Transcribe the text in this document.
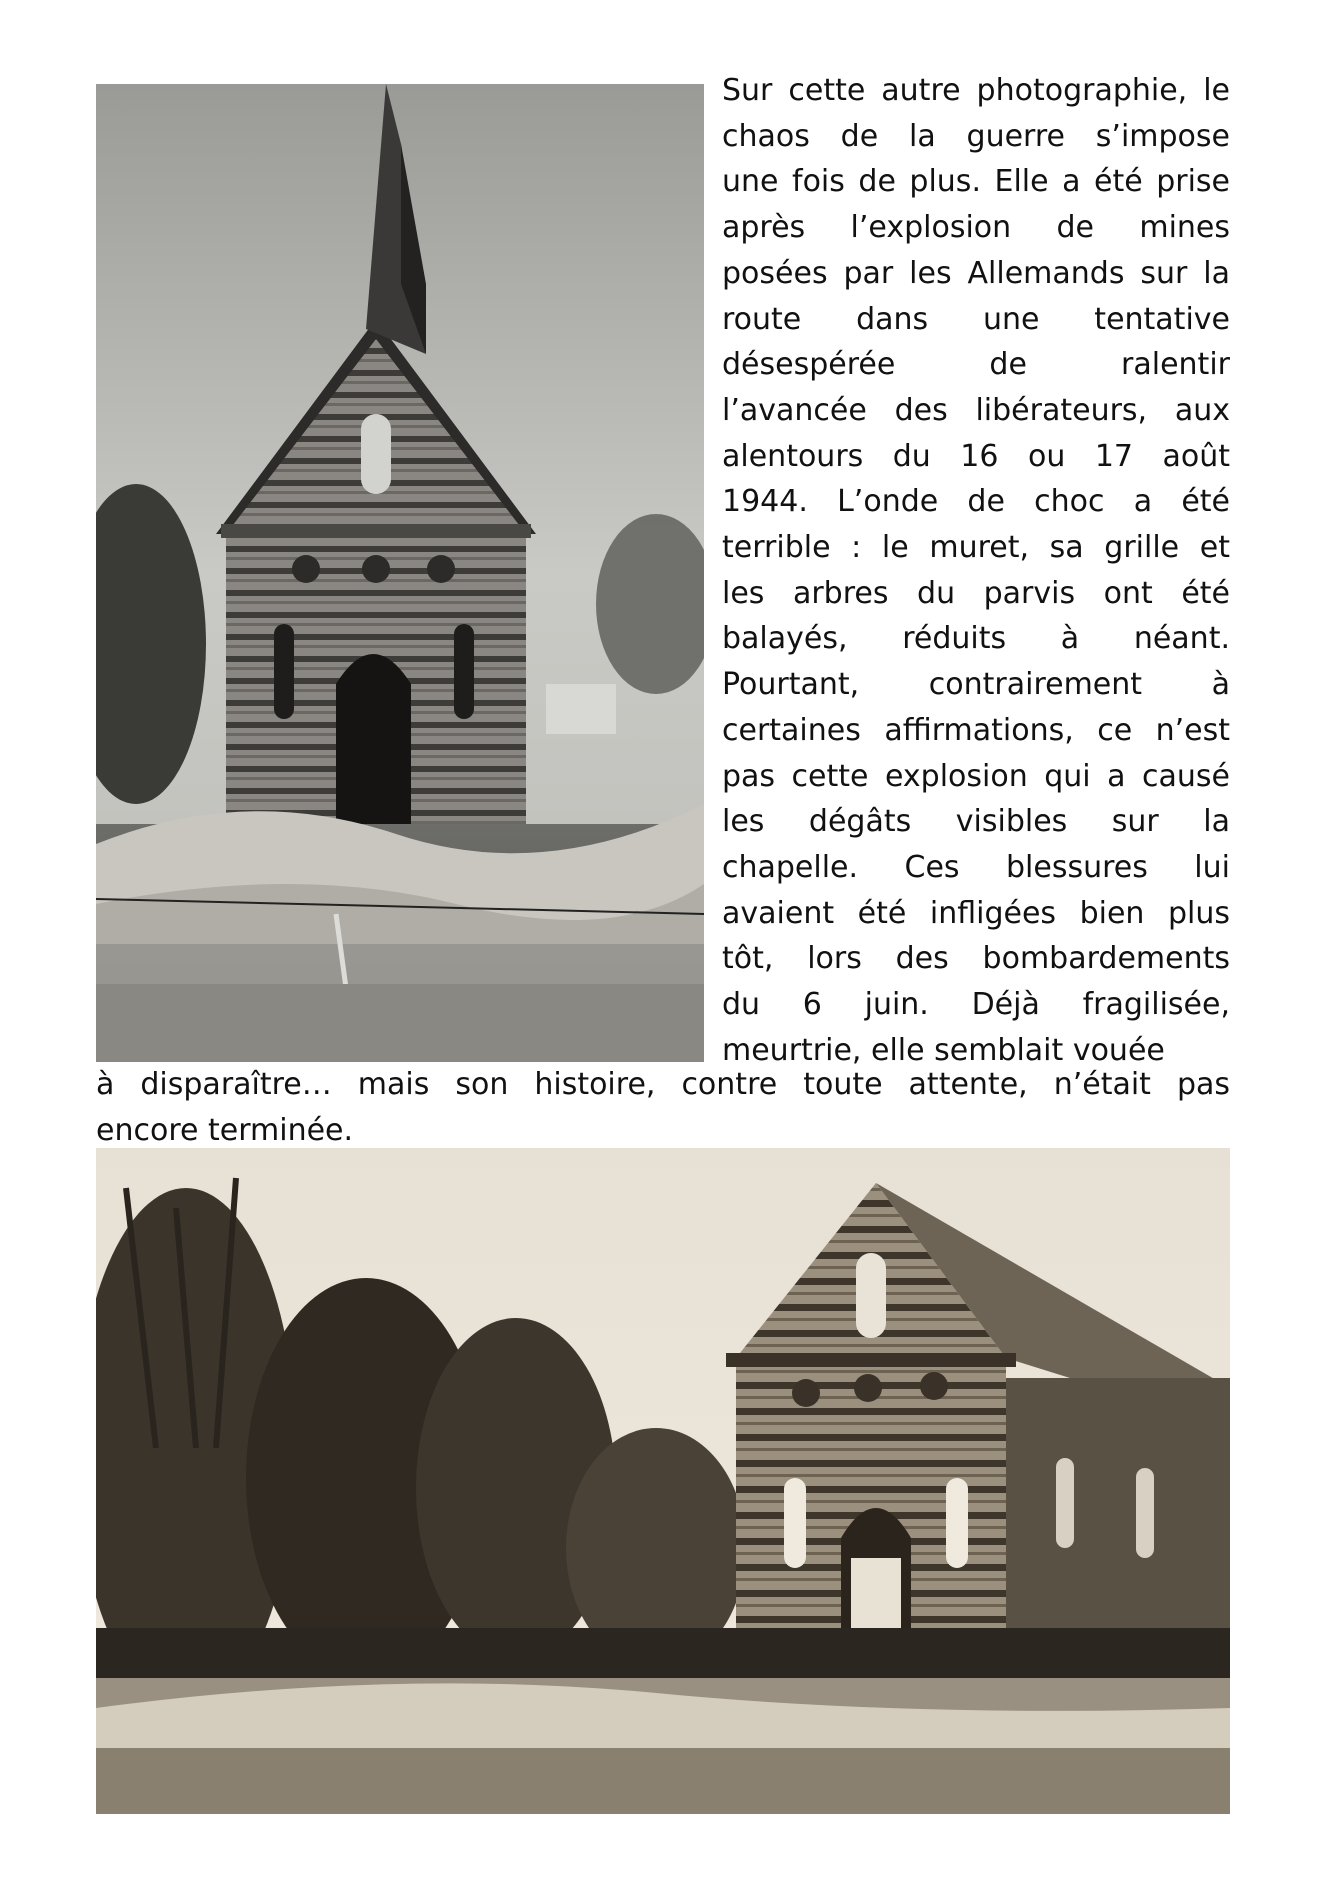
Sur cette autre photographie, le
chaos de la guerre s’impose
une fois de plus. Elle a été prise
après l’explosion de mines
posées par les Allemands sur la
route dans une tentative
désespérée de ralentir
l’avancée des libérateurs, aux
alentours du 16 ou 17 août
1944. L’onde de choc a été
terrible : le muret, sa grille et
les arbres du parvis ont été
balayés, réduits à néant.
Pourtant, contrairement à
certaines affirmations, ce n’est
pas cette explosion qui a causé
les dégâts visibles sur la
chapelle. Ces blessures lui
avaient été infligées bien plus
tôt, lors des bombardements
du 6 juin. Déjà fragilisée,
meurtrie, elle semblait vouée

à disparaître… mais son histoire, contre toute attente, n’était pas
encore terminée.
